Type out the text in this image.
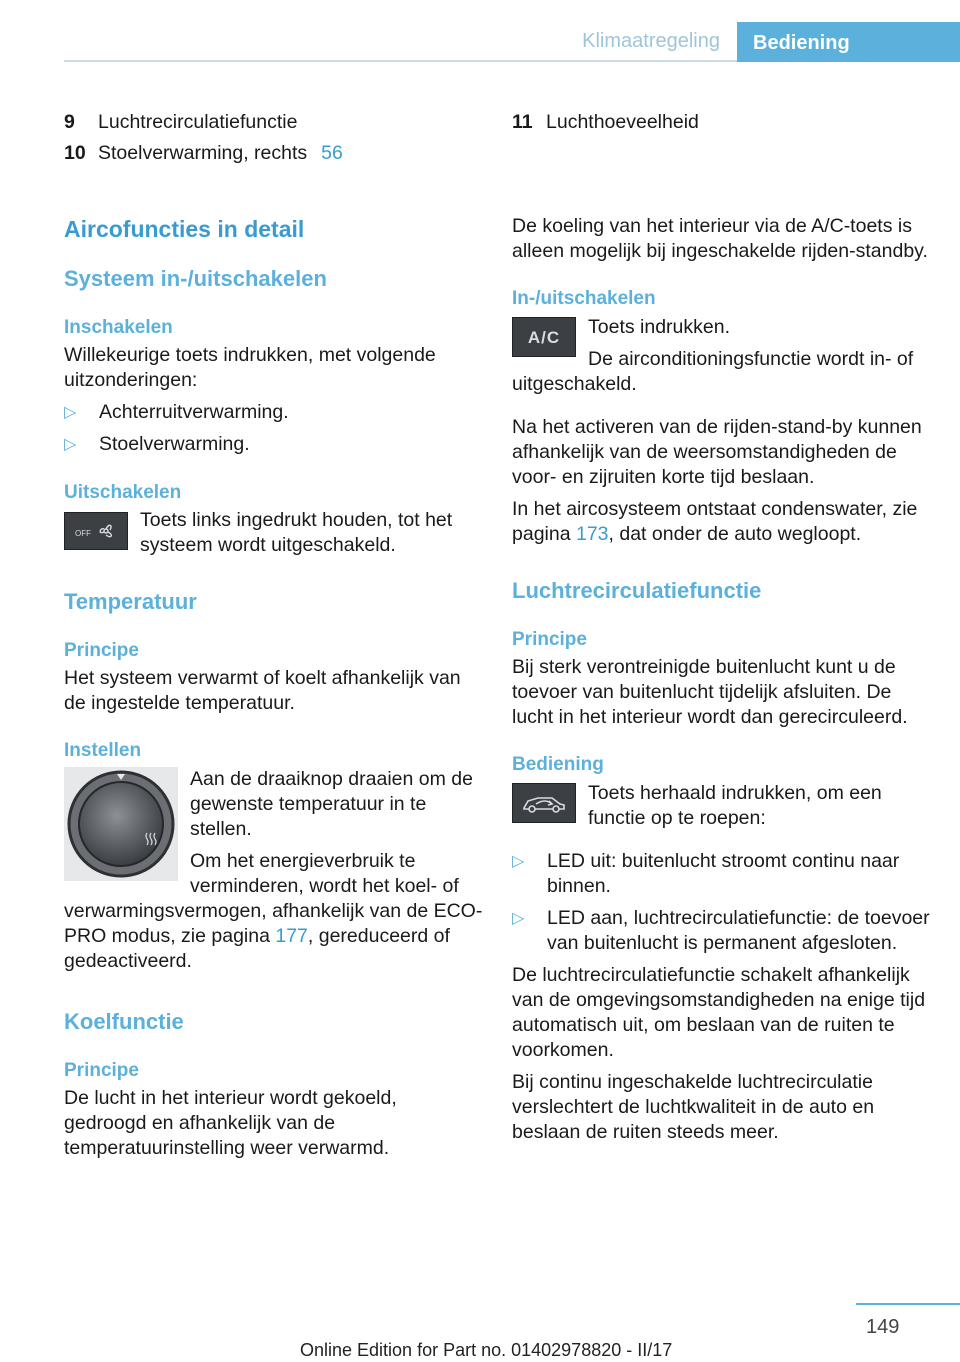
Klimaatregeling	Bediening
9	Luchtrecirculatiefunctie
10 Stoelverwarming, rechts 56
Aircofuncties in detail
Systeem in-/uitschakelen
Inschakelen

Willekeurige toets indrukken, met volgende uitzonderingen:

▷ Achterruitverwarming.
▷ Stoelverwarming.
Uitschakelen
OFF

Toets links ingedrukt houden, tot het systeem wordt uitgeschakeld.

Temperatuur
Principe

Het systeem verwarmt of koelt afhankelijk van de ingestelde temperatuur.

Instellen

Aan de draaiknop draaien om de gewenste temperatuur in te stellen.

Om het energieverbruik te verminderen, wordt het koel- of verwarmingsvermogen, afhankelijk van de ECO-PRO modus, zie pagina 177, gereduceerd of gedeactiveerd.

Koelfunctie
Principe

De lucht in het interieur wordt gekoeld, gedroogd en afhankelijk van de temperatuurinstelling weer verwarmd.

11 Luchthoeveelheid

De koeling van het interieur via de A/C-toets is alleen mogelijk bij ingeschakelde rijden-standby.

In-/uitschakelen
A/C	Toets indrukken.

De airconditioningsfunctie wordt in- of uitgeschakeld.

Na het activeren van de rijden-stand-by kunnen afhankelijk van de weersomstandigheden de voor- en zijruiten korte tijd beslaan.

In het aircosysteem ontstaat condenswater, zie pagina 173, dat onder de auto wegloopt.

Luchtrecirculatiefunctie
Principe

Bij sterk verontreinigde buitenlucht kunt u de toevoer van buitenlucht tijdelijk afsluiten. De lucht in het interieur wordt dan gerecirculeerd.

Bediening

Toets herhaald indrukken, om een functie op te roepen:

▷ LED uit: buitenlucht stroomt continu naar binnen.
▷ LED aan, luchtrecirculatiefunctie: de toevoer van buitenlucht is permanent afgesloten.

De luchtrecirculatiefunctie schakelt afhankelijk van de omgevingsomstandigheden na enige tijd automatisch uit, om beslaan van de ruiten te voorkomen.

Bij continu ingeschakelde luchtrecirculatie verslechtert de luchtkwaliteit in de auto en beslaan de ruiten steeds meer.

149
Online Edition for Part no. 01402978820 - II/17
